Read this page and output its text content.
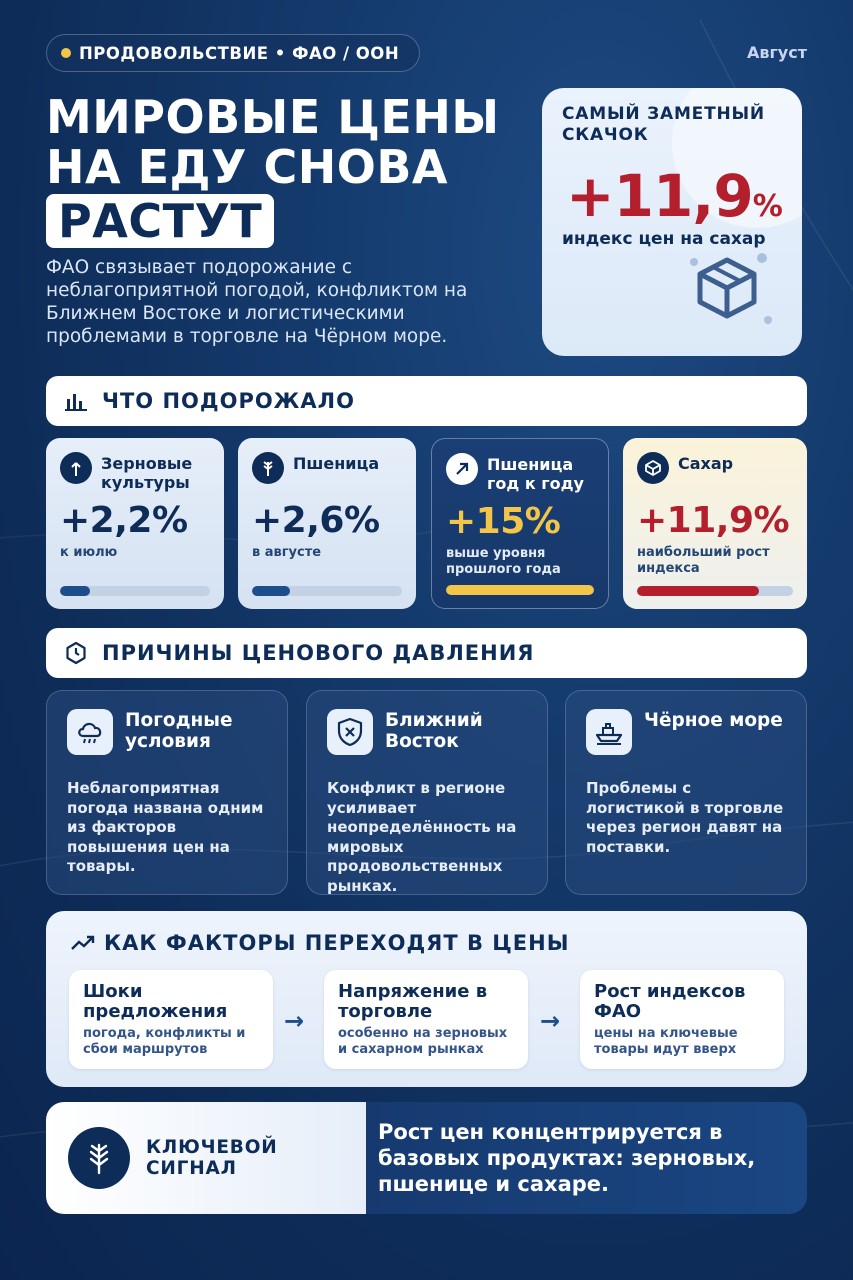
ПРОДОВОЛЬСТВИЕ • ФАО / ООН	Август
МИРОВЫЕ ЦЕНЫ
НА ЕДУ СНОВА
РАСТУТ

ФАО связывает подорожание с неблагоприятной погодой, конфликтом на Ближнем Востоке и логистическими проблемами в торговле на Чёрном море.

САМЫЙ ЗАМЕТНЫЙ СКАЧОК
+11,9%
индекс цен на сахар
ЧТО ПОДОРОЖАЛО
Зерновые культуры
+2,2%
к июлю
Пшеница
+2,6%
в августе
Пшеница год к году
+15%
выше уровня прошлого года
Сахар
+11,9%
наибольший рост индекса
ПРИЧИНЫ ЦЕНОВОГО ДАВЛЕНИЯ
Погодные условия
Неблагоприятная погода названа одним из факторов повышения цен на товары.
Ближний Восток
Конфликт в регионе усиливает неопределённость на мировых продовольственных рынках.
Чёрное море
Проблемы с логистикой в торговле через регион давят на поставки.
КАК ФАКТОРЫ ПЕРЕХОДЯТ В ЦЕНЫ
Шоки предложения
погода, конфликты и сбои маршрутов
→
Напряжение в торговле
особенно на зерновых и сахарном рынках
→
Рост индексов ФАО
цены на ключевые товары идут вверх
КЛЮЧЕВОЙ СИГНАЛ
Рост цен концентрируется в базовых продуктах: зерновых, пшенице и сахаре.
